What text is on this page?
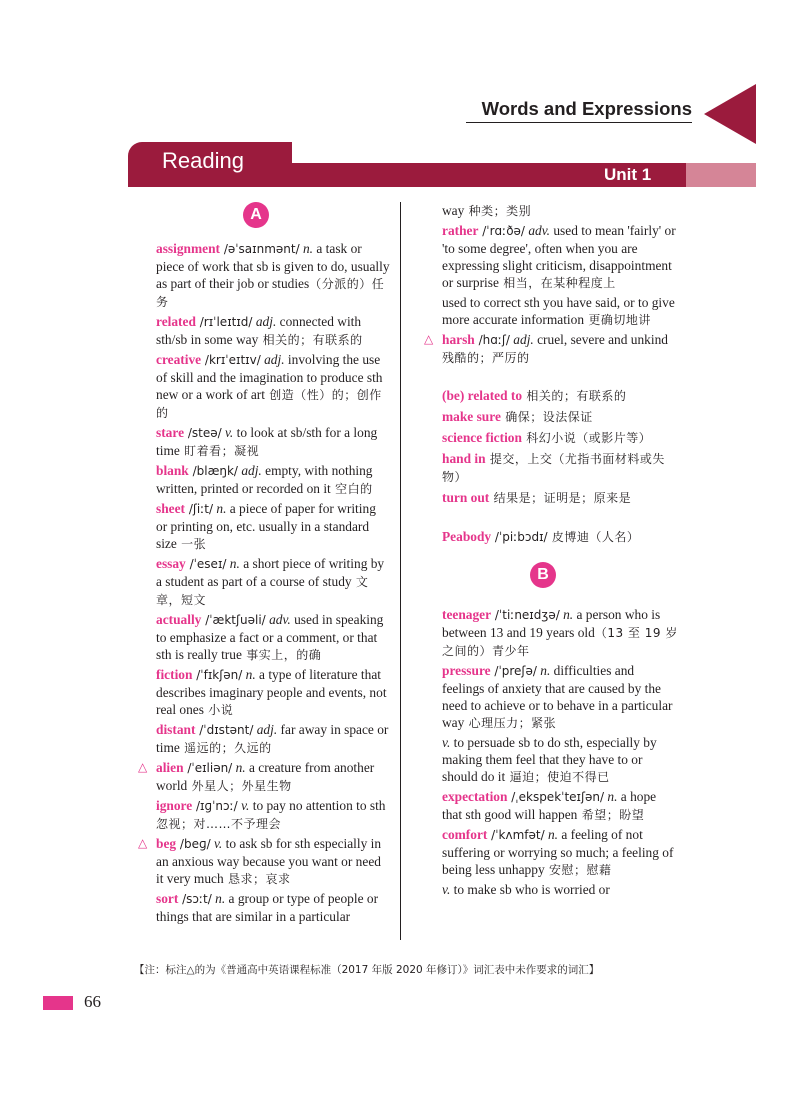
Words and Expressions
Reading
Unit 1
A
assignment /əˈsaɪnmənt/ n. a task or piece of work that sb is given to do, usually as part of their job or studies（分派的）任务
related /rɪˈleɪtɪd/ adj. connected with sth/sb in some way 相关的；有联系的
creative /krɪˈeɪtɪv/ adj. involving the use of skill and the imagination to produce sth new or a work of art 创造（性）的；创作的
stare /steə/ v. to look at sb/sth for a long time 盯着看；凝视
blank /blæŋk/ adj. empty, with nothing written, printed or recorded on it 空白的
sheet /ʃiːt/ n. a piece of paper for writing or printing on, etc. usually in a standard size 一张
essay /ˈeseɪ/ n. a short piece of writing by a student as part of a course of study 文章，短文
actually /ˈæktʃuəli/ adv. used in speaking to emphasize a fact or a comment, or that sth is really true 事实上，的确
fiction /ˈfɪkʃən/ n. a type of literature that describes imaginary people and events, not real ones 小说
distant /ˈdɪstənt/ adj. far away in space or time 遥远的；久远的
△ alien /ˈeɪliən/ n. a creature from another world 外星人；外星生物
ignore /ɪɡˈnɔː/ v. to pay no attention to sth 忽视；对……不予理会
△ beg /beɡ/ v. to ask sb for sth especially in an anxious way because you want or need it very much 恳求；哀求
sort /sɔːt/ n. a group or type of people or things that are similar in a particular
way 种类；类别
rather /ˈrɑːðə/ adv. used to mean 'fairly' or 'to some degree', often when you are expressing slight criticism, disappointment or surprise 相当，在某种程度上
used to correct sth you have said, or to give more accurate information 更确切地讲
△ harsh /hɑːʃ/ adj. cruel, severe and unkind 残酷的；严厉的
(be) related to 相关的；有联系的
make sure 确保；设法保证
science fiction 科幻小说（或影片等）
hand in 提交，上交（尤指书面材料或失物）
turn out 结果是；证明是；原来是
Peabody /ˈpiːbɔdɪ/ 皮博迪（人名）
B
teenager /ˈtiːneɪdʒə/ n. a person who is between 13 and 19 years old（13 至 19 岁之间的）青少年
pressure /ˈpreʃə/ n. difficulties and feelings of anxiety that are caused by the need to achieve or to behave in a particular way 心理压力；紧张
v. to persuade sb to do sth, especially by making them feel that they have to or should do it 逼迫；使迫不得已
expectation /ˌekspekˈteɪʃən/ n. a hope that sth good will happen 希望；盼望
comfort /ˈkʌmfət/ n. a feeling of not suffering or worrying so much; a feeling of being less unhappy 安慰；慰藉
v. to make sb who is worried or
【注：标注△的为《普通高中英语课程标准（2017 年版 2020 年修订）》词汇表中未作要求的词汇】
66
